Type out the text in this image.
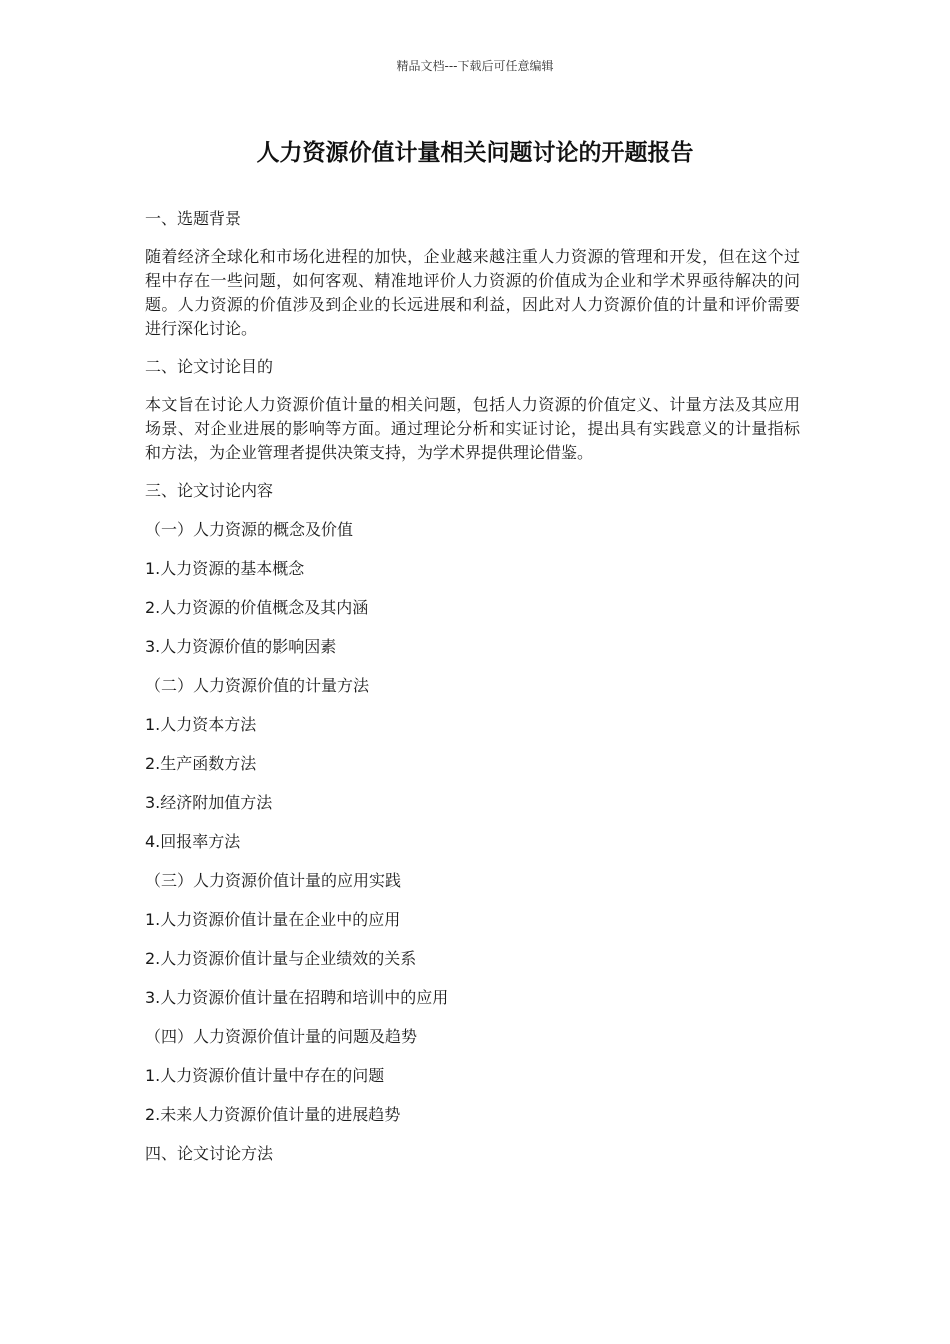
精品文档---下载后可任意编辑
人力资源价值计量相关问题讨论的开题报告

一、选题背景

随着经济全球化和市场化进程的加快，企业越来越注重人力资源的管理和开发，但在这个过程中存在一些问题，如何客观、精准地评价人力资源的价值成为企业和学术界亟待解决的问题。人力资源的价值涉及到企业的长远进展和利益，因此对人力资源价值的计量和评价需要进行深化讨论。

二、论文讨论目的

本文旨在讨论人力资源价值计量的相关问题，包括人力资源的价值定义、计量方法及其应用场景、对企业进展的影响等方面。通过理论分析和实证讨论，提出具有实践意义的计量指标和方法，为企业管理者提供决策支持，为学术界提供理论借鉴。

三、论文讨论内容

（一）人力资源的概念及价值

1.人力资源的基本概念

2.人力资源的价值概念及其内涵

3.人力资源价值的影响因素

（二）人力资源价值的计量方法

1.人力资本方法

2.生产函数方法

3.经济附加值方法

4.回报率方法

（三）人力资源价值计量的应用实践

1.人力资源价值计量在企业中的应用

2.人力资源价值计量与企业绩效的关系

3.人力资源价值计量在招聘和培训中的应用

（四）人力资源价值计量的问题及趋势

1.人力资源价值计量中存在的问题

2.未来人力资源价值计量的进展趋势

四、论文讨论方法
